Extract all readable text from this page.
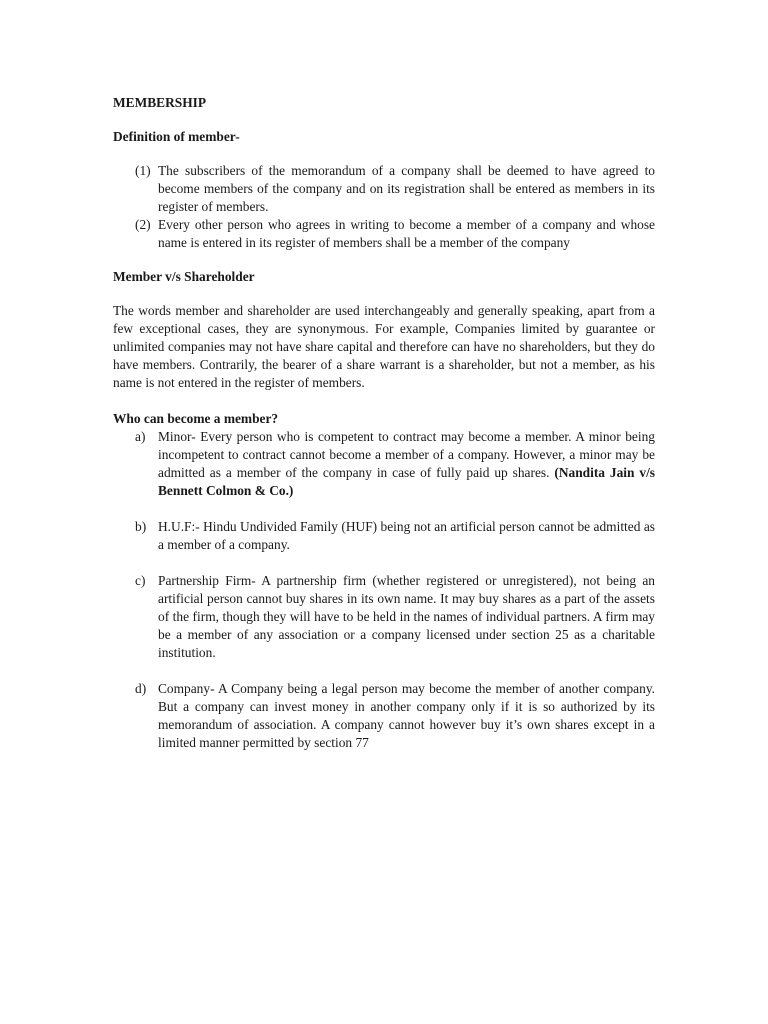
MEMBERSHIP

Definition of member-

(1) The subscribers of the memorandum of a company shall be deemed to have agreed to become members of the company and on its registration shall be entered as members in its register of members.
(2) Every other person who agrees in writing to become a member of a company and whose name is entered in its register of members shall be a member of the company

Member v/s Shareholder

The words member and shareholder are used interchangeably and generally speaking, apart from a few exceptional cases, they are synonymous. For example, Companies limited by guarantee or unlimited companies may not have share capital and therefore can have no shareholders, but they do have members. Contrarily, the bearer of a share warrant is a shareholder, but not a member, as his name is not entered in the register of members.

Who can become a member?

a) Minor- Every person who is competent to contract may become a member. A minor being incompetent to contract cannot become a member of a company. However, a minor may be admitted as a member of the company in case of fully paid up shares. (Nandita Jain v/s Bennett Colmon & Co.)
b) H.U.F:- Hindu Undivided Family (HUF) being not an artificial person cannot be admitted as a member of a company.
c) Partnership Firm- A partnership firm (whether registered or unregistered), not being an artificial person cannot buy shares in its own name. It may buy shares as a part of the assets of the firm, though they will have to be held in the names of individual partners. A firm may be a member of any association or a company licensed under section 25 as a charitable institution.
d) Company- A Company being a legal person may become the member of another company. But a company can invest money in another company only if it is so authorized by its memorandum of association. A company cannot however buy it’s own shares except in a limited manner permitted by section 77
